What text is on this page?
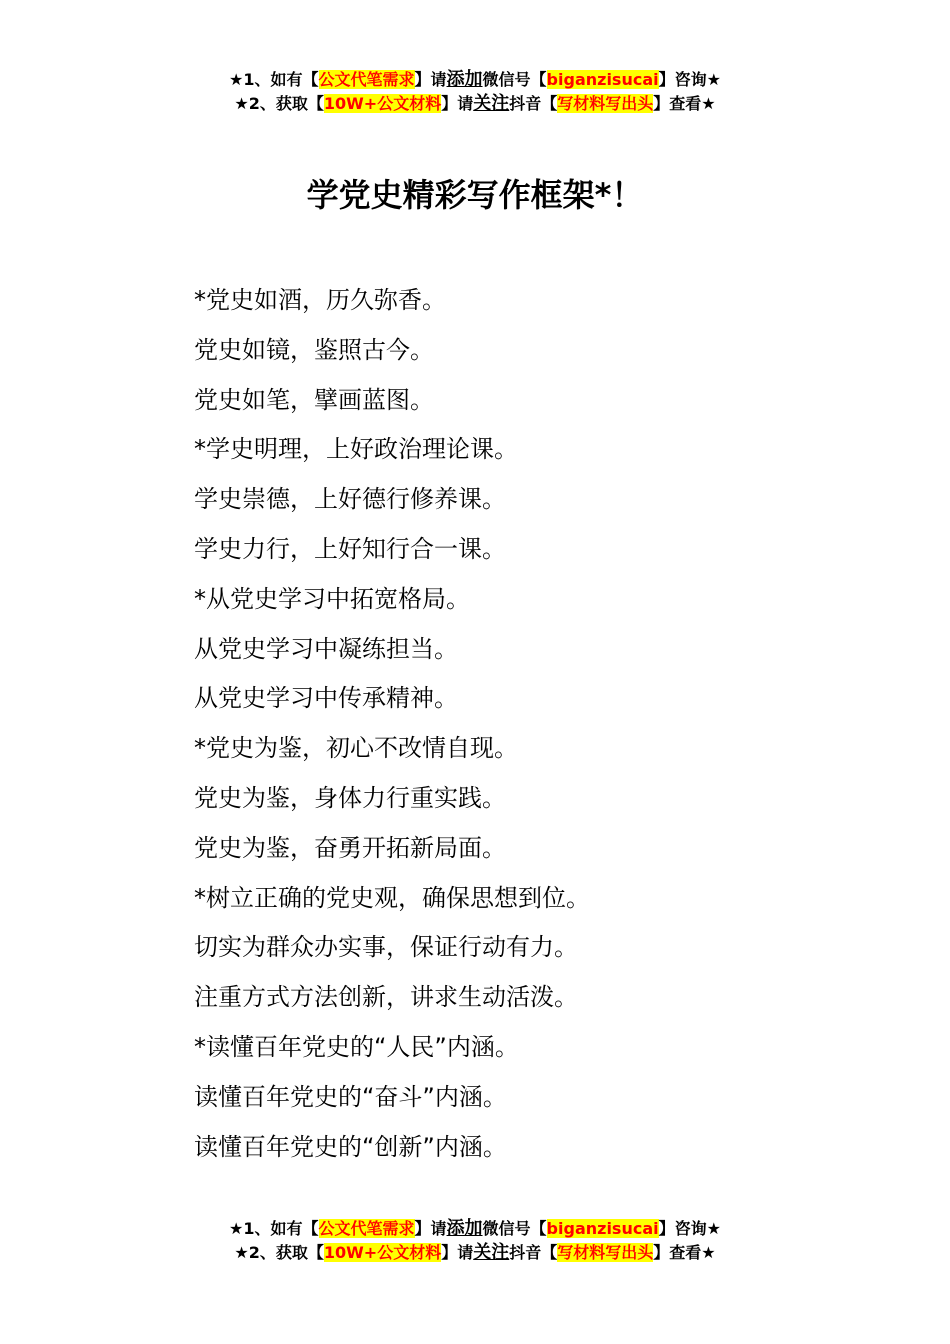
★1、如有【公文代笔需求】请添加微信号【biganzisucai】咨询★
★2、获取【10W+公文材料】请关注抖音【写材料写出头】查看★
学党史精彩写作框架*！
*党史如酒，历久弥香。
党史如镜，鉴照古今。
党史如笔，擘画蓝图。
*学史明理，上好政治理论课。
学史崇德，上好德行修养课。
学史力行，上好知行合一课。
*从党史学习中拓宽格局。
从党史学习中凝练担当。
从党史学习中传承精神。
*党史为鉴，初心不改情自现。
党史为鉴，身体力行重实践。
党史为鉴，奋勇开拓新局面。
*树立正确的党史观，确保思想到位。
切实为群众办实事，保证行动有力。
注重方式方法创新，讲求生动活泼。
*读懂百年党史的“人民”内涵。
读懂百年党史的“奋斗”内涵。
读懂百年党史的“创新”内涵。
★1、如有【公文代笔需求】请添加微信号【biganzisucai】咨询★
★2、获取【10W+公文材料】请关注抖音【写材料写出头】查看★
